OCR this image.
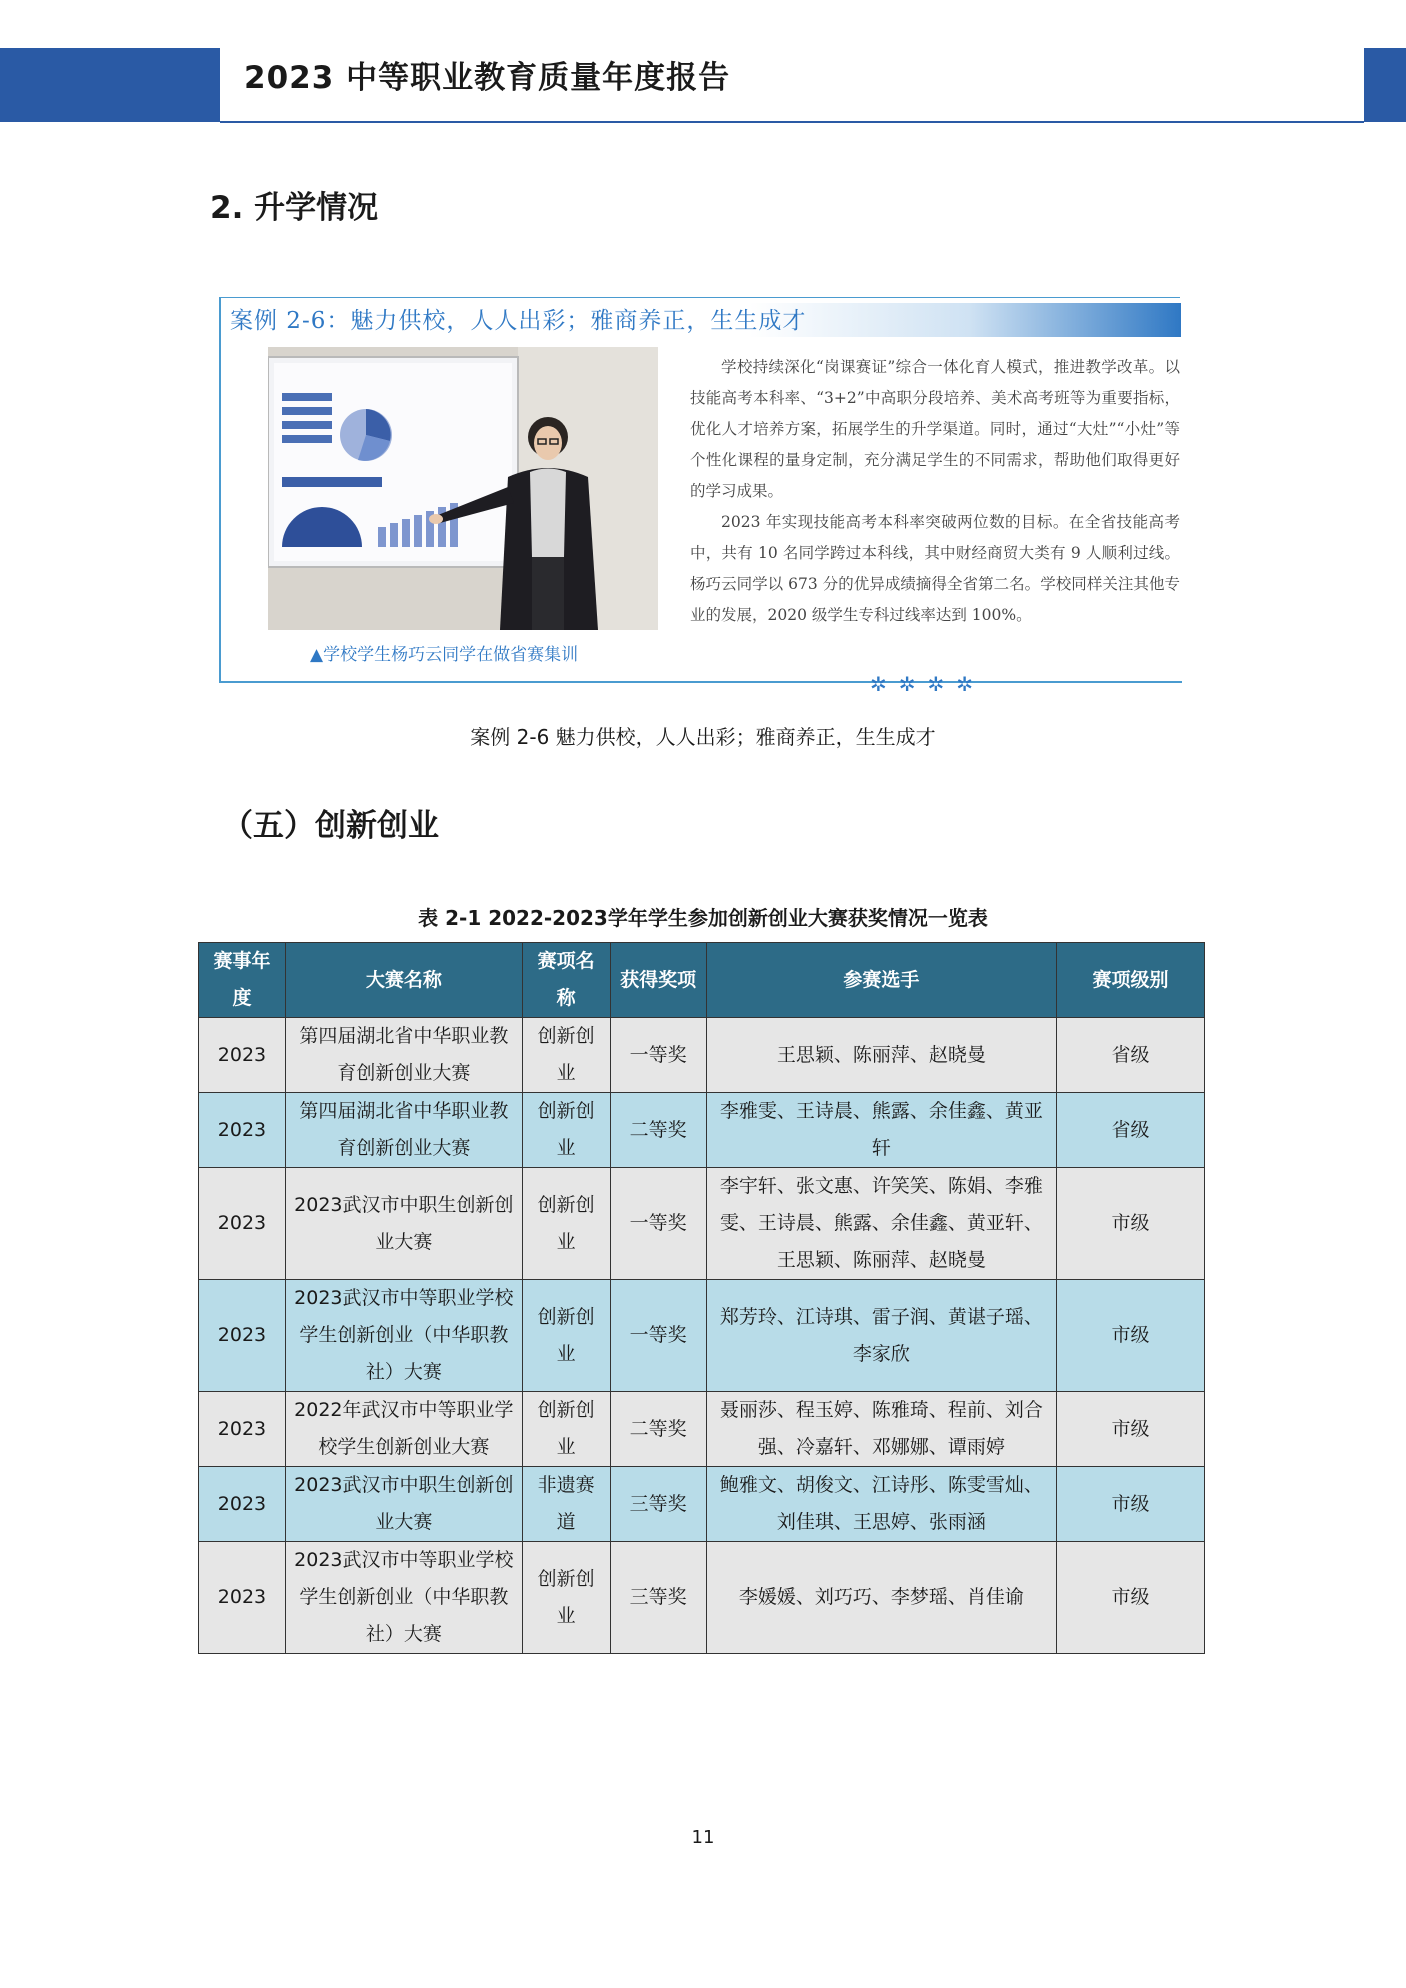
2023 中等职业教育质量年度报告
2. 升学情况
案例 2-6：魅力供校，人人出彩；雅商养正，生生成才
▲学校学生杨巧云同学在做省赛集训

学校持续深化“岗课赛证”综合一体化育人模式，推进教学改革。以技能高考本科率、“3+2”中高职分段培养、美术高考班等为重要指标，优化人才培养方案，拓展学生的升学渠道。同时，通过“大灶”“小灶”等个性化课程的量身定制，充分满足学生的不同需求，帮助他们取得更好的学习成果。

2023 年实现技能高考本科率突破两位数的目标。在全省技能高考中，共有 10 名同学跨过本科线，其中财经商贸大类有 9 人顺利过线。杨巧云同学以 673 分的优异成绩摘得全省第二名。学校同样关注其他专业的发展，2020 级学生专科过线率达到 100%。

✲✲✲✲
案例 2-6 魅力供校，人人出彩；雅商养正，生生成才
（五）创新创业
表 2-1 2022-2023学年学生参加创新创业大赛获奖情况一览表
赛事年度	大赛名称	赛项名称	获得奖项	参赛选手	赛项级别
2023	第四届湖北省中华职业教育创新创业大赛	创新创业	一等奖	王思颖、陈丽萍、赵晓曼	省级
2023	第四届湖北省中华职业教育创新创业大赛	创新创业	二等奖	李雅雯、王诗晨、熊露、余佳鑫、黄亚轩	省级
2023	2023武汉市中职生创新创业大赛	创新创业	一等奖	李宇轩、张文惠、许笑笑、陈娟、李雅雯、王诗晨、熊露、余佳鑫、黄亚轩、王思颖、陈丽萍、赵晓曼	市级
2023	2023武汉市中等职业学校学生创新创业（中华职教社）大赛	创新创业	一等奖	郑芳玲、江诗琪、雷子润、黄谌子瑶、李家欣	市级
2023	2022年武汉市中等职业学校学生创新创业大赛	创新创业	二等奖	聂丽莎、程玉婷、陈雅琦、程前、刘合强、冷嘉轩、邓娜娜、谭雨婷	市级
2023	2023武汉市中职生创新创业大赛	非遗赛道	三等奖	鲍雅文、胡俊文、江诗彤、陈雯雪灿、刘佳琪、王思婷、张雨涵	市级
2023	2023武汉市中等职业学校学生创新创业（中华职教社）大赛	创新创业	三等奖	李媛媛、刘巧巧、李梦瑶、肖佳谕	市级
11
